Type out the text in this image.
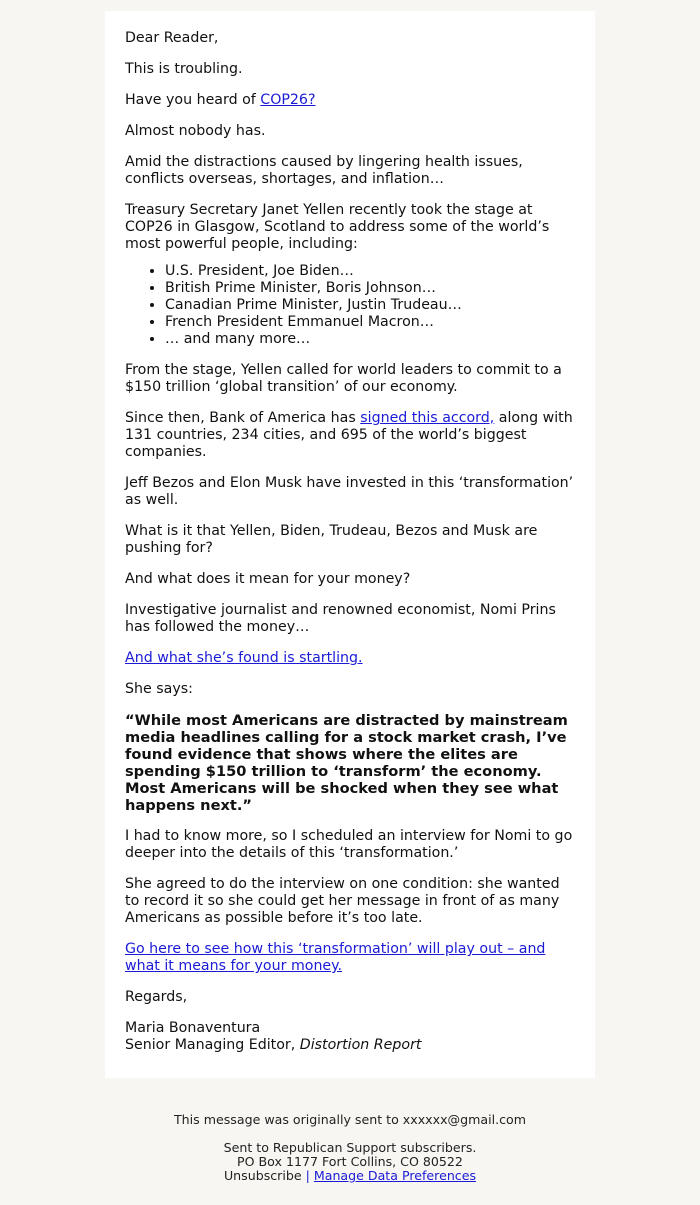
Dear Reader,

This is troubling.

Have you heard of COP26?

Almost nobody has.

Amid the distractions caused by lingering health issues, conflicts overseas, shortages, and inflation…

Treasury Secretary Janet Yellen recently took the stage at COP26 in Glasgow, Scotland to address some of the world’s most powerful people, including:

• U.S. President, Joe Biden…
• British Prime Minister, Boris Johnson…
• Canadian Prime Minister, Justin Trudeau…
• French President Emmanuel Macron…
• … and many more…

From the stage, Yellen called for world leaders to commit to a $150 trillion ‘global transition’ of our economy.

Since then, Bank of America has signed this accord, along with 131 countries, 234 cities, and 695 of the world’s biggest companies.

Jeff Bezos and Elon Musk have invested in this ‘transformation’ as well.

What is it that Yellen, Biden, Trudeau, Bezos and Musk are pushing for?

And what does it mean for your money?

Investigative journalist and renowned economist, Nomi Prins has followed the money…

And what she’s found is startling.

She says:

“While most Americans are distracted by mainstream media headlines calling for a stock market crash, I’ve found evidence that shows where the elites are spending $150 trillion to ‘transform’ the economy. Most Americans will be shocked when they see what happens next.”

I had to know more, so I scheduled an interview for Nomi to go deeper into the details of this ‘transformation.’

She agreed to do the interview on one condition: she wanted to record it so she could get her message in front of as many Americans as possible before it’s too late.

Go here to see how this ‘transformation’ will play out – and what it means for your money.

Regards,

Maria Bonaventura

Senior Managing Editor, Distortion Report

This message was originally sent to xxxxxx@gmail.com

Sent to Republican Support subscribers.

PO Box 1177 Fort Collins, CO 80522

Unsubscribe | Manage Data Preferences
